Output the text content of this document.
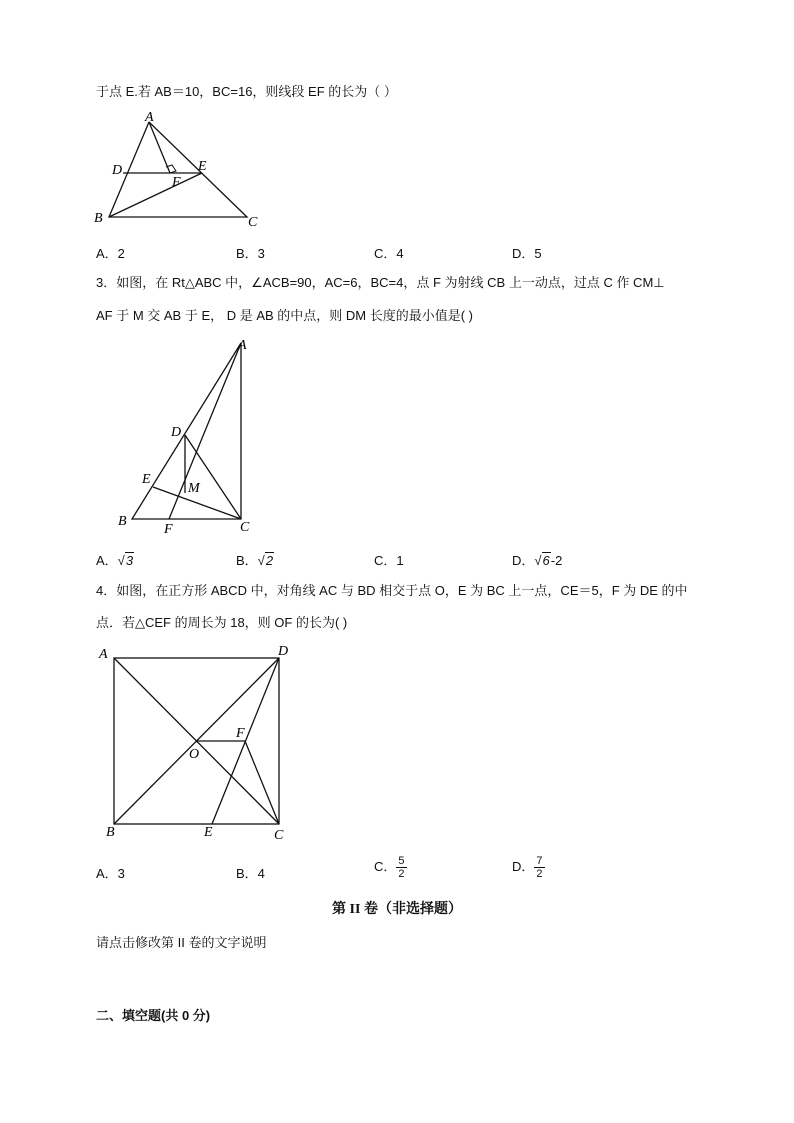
于点 E.若 AB＝10，BC=16，则线段 EF 的长为（ ）
A
D	E
F
B	C
A．2	B．3	C．4	D．5
3．如图，在 Rt△ABC 中，∠ACB=90，AC=6，BC=4，点 F 为射线 CB 上一动点，过点 C 作 CM⊥
AF 于 M 交 AB 于 E， D 是 AB 的中点，则 DM 长度的最小值是( )
A
D
E
M
B
F	C
A．√3	B．√2	C．1	D．√6-2
4．如图，在正方形 ABCD 中，对角线 AC 与 BD 相交于点 O，E 为 BC 上一点，CE＝5，F 为 DE 的中
点．若△CEF 的周长为 18，则 OF 的长为( )
A	D
F
O
B	E	C
A．3	B．4	C． $\frac{5}{2}$	D． $\frac{7}{2}$
第 II 卷（非选择题）
请点击修改第 II 卷的文字说明
二、填空题(共 0 分)
